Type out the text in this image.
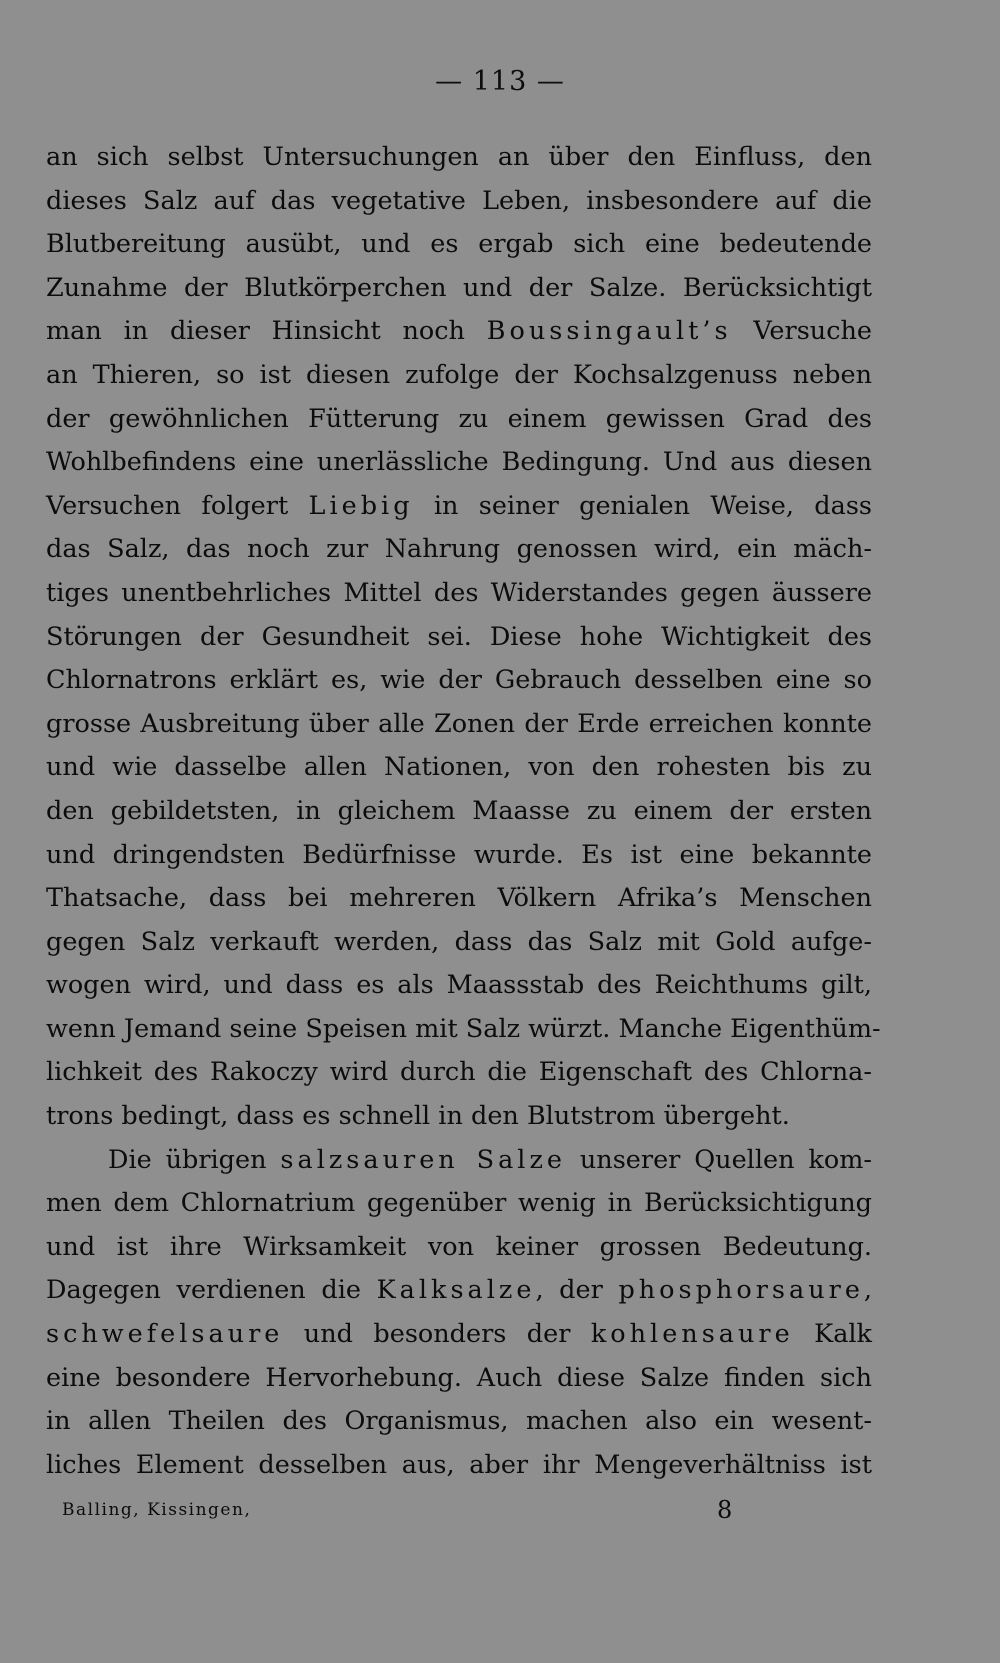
— 113 —
an sich selbst Untersuchungen an über den Einfluss, den
dieses Salz auf das vegetative Leben, insbesondere auf die
Blutbereitung ausübt, und es ergab sich eine bedeutende
Zunahme der Blutkörperchen und der Salze. Berücksichtigt
man in dieser Hinsicht noch Boussingault’s Versuche
an Thieren, so ist diesen zufolge der Kochsalzgenuss neben
der gewöhnlichen Fütterung zu einem gewissen Grad des
Wohlbefindens eine unerlässliche Bedingung. Und aus diesen
Versuchen folgert Liebig in seiner genialen Weise, dass
das Salz, das noch zur Nahrung genossen wird, ein mäch-
tiges unentbehrliches Mittel des Widerstandes gegen äussere
Störungen der Gesundheit sei. Diese hohe Wichtigkeit des
Chlornatrons erklärt es, wie der Gebrauch desselben eine so
grosse Ausbreitung über alle Zonen der Erde erreichen konnte
und wie dasselbe allen Nationen, von den rohesten bis zu
den gebildetsten, in gleichem Maasse zu einem der ersten
und dringendsten Bedürfnisse wurde. Es ist eine bekannte
Thatsache, dass bei mehreren Völkern Afrika’s Menschen
gegen Salz verkauft werden, dass das Salz mit Gold aufge-
wogen wird, und dass es als Maassstab des Reichthums gilt,
wenn Jemand seine Speisen mit Salz würzt. Manche Eigenthüm-
lichkeit des Rakoczy wird durch die Eigenschaft des Chlorna-
trons bedingt, dass es schnell in den Blutstrom übergeht.
Die übrigen salzsauren Salze unserer Quellen kom-
men dem Chlornatrium gegenüber wenig in Berücksichtigung
und ist ihre Wirksamkeit von keiner grossen Bedeutung.
Dagegen verdienen die Kalksalze, der phosphorsaure,
schwefelsaure und besonders der kohlensaure Kalk
eine besondere Hervorhebung. Auch diese Salze finden sich
in allen Theilen des Organismus, machen also ein wesent-
liches Element desselben aus, aber ihr Mengeverhältniss ist
Balling, Kissingen,	8
